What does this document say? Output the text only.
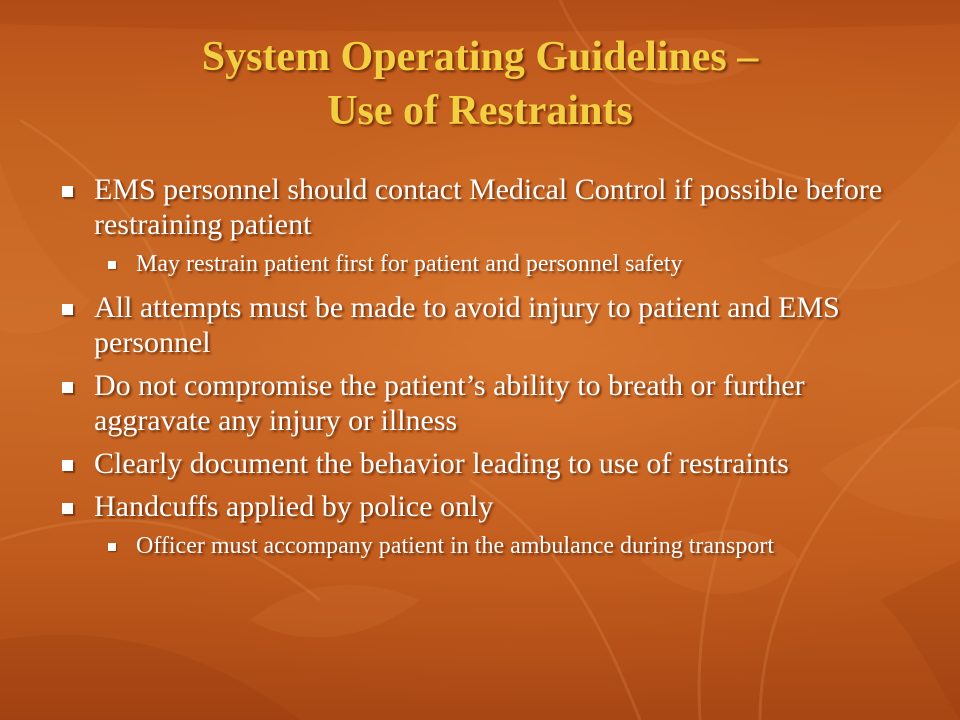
System Operating Guidelines –
Use of Restraints
EMS personnel should contact Medical Control if possible before restraining patient
May restrain patient first for patient and personnel safety
All attempts must be made to avoid injury to patient and EMS personnel
Do not compromise the patient’s ability to breath or further aggravate any injury or illness
Clearly document the behavior leading to use of restraints
Handcuffs applied by police only
Officer must accompany patient in the ambulance during transport
